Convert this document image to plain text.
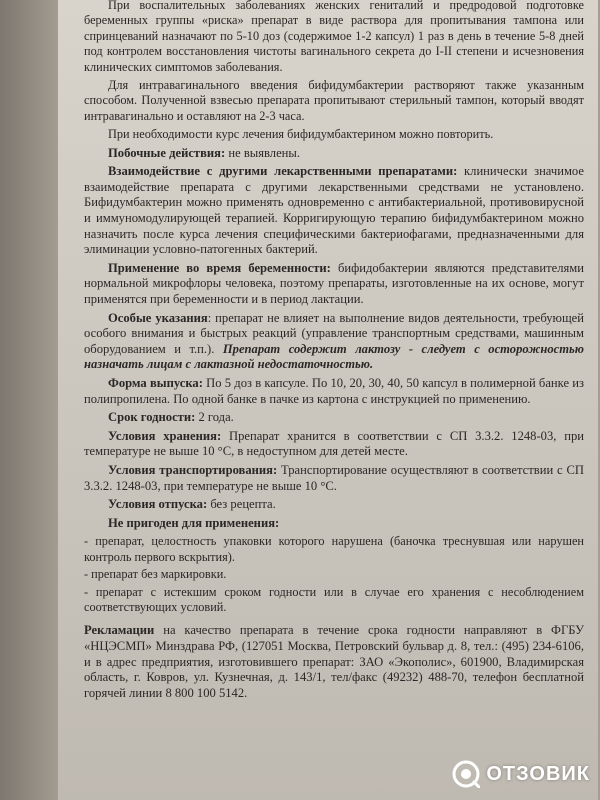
При воспалительных заболеваниях женских гениталий и предродовой подготовке беременных группы «риска» препарат в виде раствора для пропитывания тампона или спринцеваний назначают по 5-10 доз (содержимое 1-2 капсул) 1 раз в день в течение 5-8 дней под контролем восстановления чистоты вагинального секрета до I-II степени и исчезновения клинических симптомов заболевания.

Для интравагинального введения бифидумбактерии растворяют также указанным способом. Полученной взвесью препарата пропитывают стерильный тампон, который вводят интравагинально и оставляют на 2-3 часа.

При необходимости курс лечения бифидумбактерином можно повторить.

Побочные действия: не выявлены.

Взаимодействие с другими лекарственными препаратами: клинически значимое взаимодействие препарата с другими лекарственными средствами не установлено. Бифидумбактерин можно применять одновременно с антибактериальной, противовирусной и иммуномодулирующей терапией. Корригирующую терапию бифидумбактерином можно назначить после курса лечения специфическими бактериофагами, предназначенными для элиминации условно-патогенных бактерий.

Применение во время беременности: бифидобактерии являются представителями нормальной микрофлоры человека, поэтому препараты, изготовленные на их основе, могут применятся при беременности и в период лактации.

Особые указания: препарат не влияет на выполнение видов деятельности, требующей особого внимания и быстрых реакций (управление транспортным средствами, машинным оборудованием и т.п.). Препарат содержит лактозу - следует с осторожностью назначать лицам с лактазной недостаточностью.

Форма выпуска: По 5 доз в капсуле. По 10, 20, 30, 40, 50 капсул в полимерной банке из полипропилена. По одной банке в пачке из картона с инструкцией по применению.

Срок годности: 2 года.

Условия хранения: Препарат хранится в соответствии с СП 3.3.2. 1248-03, при температуре не выше 10 °С, в недоступном для детей месте.

Условия транспортирования: Транспортирование осуществляют в соответствии с СП 3.3.2. 1248-03, при температуре не выше 10 °С.

Условия отпуска: без рецепта.

Не пригоден для применения:

- препарат, целостность упаковки которого нарушена (баночка треснувшая или нарушен контроль первого вскрытия).

- препарат без маркировки.

- препарат с истекшим сроком годности или в случае его хранения с несоблюдением соответствующих условий.

Рекламации на качество препарата в течение срока годности направляют в ФГБУ «НЦЭСМП» Минздрава РФ, (127051 Москва, Петровский бульвар д. 8, тел.: (495) 234-6106, и в адрес предприятия, изготовившего препарат: ЗАО «Экополис», 601900, Владимирская область, г. Ковров, ул. Кузнечная, д. 143/1, тел/факс (49232) 488-70, телефон бесплатной горячей линии 8 800 100 5142.

ОТЗОВИК
